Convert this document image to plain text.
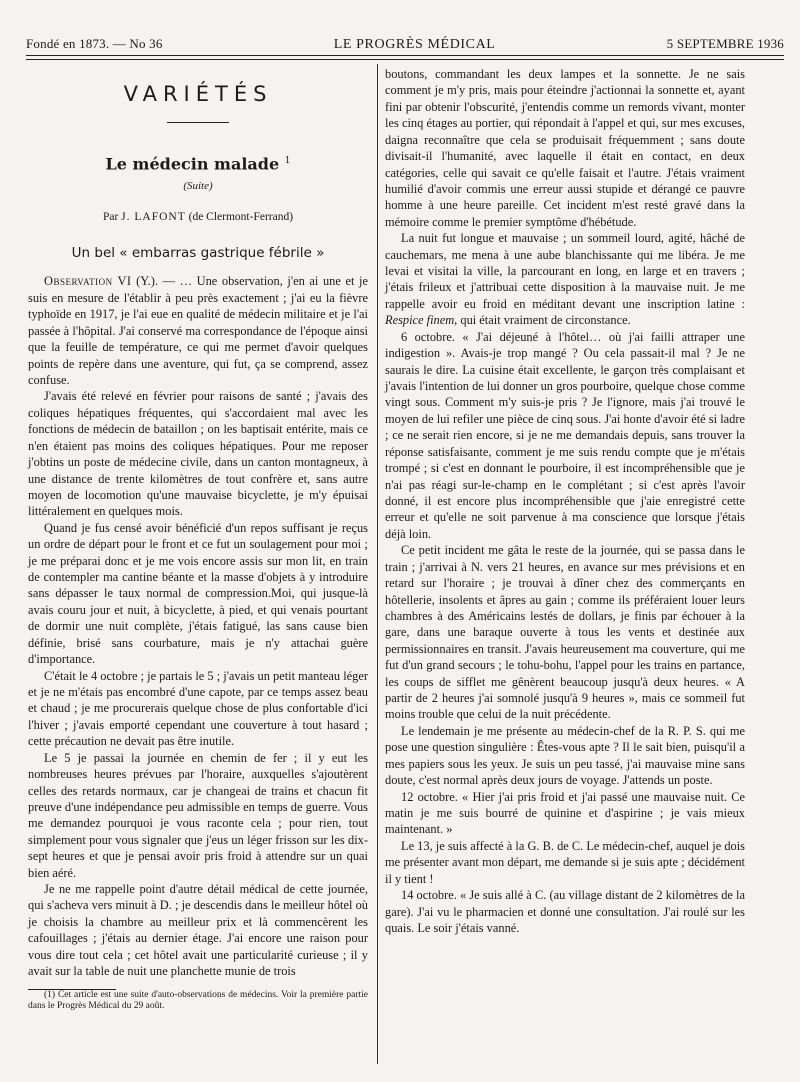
Fondé en 1873. — No 36	LE PROGRÈS MÉDICAL	5 SEPTEMBRE 1936
VARIÉTÉS
Le médecin malade $^1$
(Suite)
Par J. LAFONT (de Clermont-Ferrand)
Un bel « embarras gastrique fébrile »

Observation VI (Y.). — … Une observation, j'en ai une et je suis en mesure de l'établir à peu près exactement ; j'ai eu la fièvre typhoïde en 1917, je l'ai eue en qualité de médecin militaire et je l'ai passée à l'hôpital. J'ai conservé ma correspondance de l'époque ainsi que la feuille de température, ce qui me permet d'avoir quelques points de repère dans une aventure, qui fut, ça se comprend, assez confuse.

J'avais été relevé en février pour raisons de santé ; j'avais des coliques hépatiques fréquentes, qui s'accordaient mal avec les fonctions de médecin de bataillon ; on les baptisait entérite, mais ce n'en étaient pas moins des coliques hépatiques. Pour me reposer j'obtins un poste de médecine civile, dans un canton montagneux, à une distance de trente kilomètres de tout confrère et, sans autre moyen de locomotion qu'une mauvaise bicyclette, je m'y épuisai littéralement en quelques mois.

Quand je fus censé avoir bénéficié d'un repos suffisant je reçus un ordre de départ pour le front et ce fut un soulagement pour moi ; je me préparai donc et je me vois encore assis sur mon lit, en train de contempler ma cantine béante et la masse d'objets à y introduire sans dépasser le taux normal de compression.Moi, qui jusque-là avais couru jour et nuit, à bicyclette, à pied, et qui venais pourtant de dormir une nuit complète, j'étais fatigué, las sans cause bien définie, brisé sans courbature, mais je n'y attachai guère d'importance.

C'était le 4 octobre ; je partais le 5 ; j'avais un petit manteau léger et je ne m'étais pas encombré d'une capote, par ce temps assez beau et chaud ; je me procurerais quelque chose de plus confortable d'ici l'hiver ; j'avais emporté cependant une couverture à tout hasard ; cette précaution ne devait pas être inutile.

Le 5 je passai la journée en chemin de fer ; il y eut les nombreuses heures prévues par l'horaire, auxquelles s'ajoutèrent celles des retards normaux, car je changeai de trains et chacun fit preuve d'une indépendance peu admissible en temps de guerre. Vous me demandez pourquoi je vous raconte cela ; pour rien, tout simplement pour vous signaler que j'eus un léger frisson sur les dix-sept heures et que je pensai avoir pris froid à attendre sur un quai bien aéré.

Je ne me rappelle point d'autre détail médical de cette journée, qui s'acheva vers minuit à D. ; je descendis dans le meilleur hôtel où je choisis la chambre au meilleur prix et là commencèrent les cafouillages ; j'étais au dernier étage. J'ai encore une raison pour vous dire tout cela ; cet hôtel avait une particularité curieuse ; il y avait sur la table de nuit une planchette munie de trois

(1) Cet article est une suite d'auto-observations de médecins. Voir la première partie dans le Progrès Médical du 29 août.

boutons, commandant les deux lampes et la sonnette. Je ne sais comment je m'y pris, mais pour éteindre j'actionnai la sonnette et, ayant fini par obtenir l'obscurité, j'entendis comme un remords vivant, monter les cinq étages au portier, qui répondait à l'appel et qui, sur mes excuses, daigna reconnaître que cela se produisait fréquemment ; sans doute divisait-il l'humanité, avec laquelle il était en contact, en deux catégories, celle qui savait ce qu'elle faisait et l'autre. J'étais vraiment humilié d'avoir commis une erreur aussi stupide et dérangé ce pauvre homme à une heure pareille. Cet incident m'est resté gravé dans la mémoire comme le premier symptôme d'hébétude.

La nuit fut longue et mauvaise ; un sommeil lourd, agité, hâché de cauchemars, me mena à une aube blanchissante qui me libéra. Je me levai et visitai la ville, la parcourant en long, en large et en travers ; j'étais frileux et j'attribuai cette disposition à la mauvaise nuit. Je me rappelle avoir eu froid en méditant devant une inscription latine : Respice finem, qui était vraiment de circonstance.

6 octobre. « J'ai déjeuné à l'hôtel… où j'ai failli attraper une indigestion ». Avais-je trop mangé ? Ou cela passait-il mal ? Je ne saurais le dire. La cuisine était excellente, le garçon très complaisant et j'avais l'intention de lui donner un gros pourboire, quelque chose comme vingt sous. Comment m'y suis-je pris ? Je l'ignore, mais j'ai trouvé le moyen de lui refiler une pièce de cinq sous. J'ai honte d'avoir été si ladre ; ce ne serait rien encore, si je ne me demandais depuis, sans trouver la réponse satisfaisante, comment je me suis rendu compte que je m'étais trompé ; si c'est en donnant le pourboire, il est incompréhensible que je n'ai pas réagi sur-le-champ en le complétant ; si c'est après l'avoir donné, il est encore plus incompréhensible que j'aie enregistré cette erreur et qu'elle ne soit parvenue à ma conscience que lorsque j'étais déjà loin.

Ce petit incident me gâta le reste de la journée, qui se passa dans le train ; j'arrivai à N. vers 21 heures, en avance sur mes prévisions et en retard sur l'horaire ; je trouvai à dîner chez des commerçants en hôtellerie, insolents et âpres au gain ; comme ils préféraient louer leurs chambres à des Américains lestés de dollars, je finis par échouer à la gare, dans une baraque ouverte à tous les vents et destinée aux permissionnaires en transit. J'avais heureusement ma couverture, qui me fut d'un grand secours ; le tohu-bohu, l'appel pour les trains en partance, les coups de sifflet me gênèrent beaucoup jusqu'à deux heures. « A partir de 2 heures j'ai somnolé jusqu'à 9 heures », mais ce sommeil fut moins trouble que celui de la nuit précédente.

Le lendemain je me présente au médecin-chef de la R. P. S. qui me pose une question singulière : Êtes-vous apte ? Il le sait bien, puisqu'il a mes papiers sous les yeux. Je suis un peu tassé, j'ai mauvaise mine sans doute, c'est normal après deux jours de voyage. J'attends un poste.

12 octobre. « Hier j'ai pris froid et j'ai passé une mauvaise nuit. Ce matin je me suis bourré de quinine et d'aspirine ; je vais mieux maintenant. »

Le 13, je suis affecté à la G. B. de C. Le médecin-chef, auquel je dois me présenter avant mon départ, me demande si je suis apte ; décidément il y tient !

14 octobre. « Je suis allé à C. (au village distant de 2 kilomètres de la gare). J'ai vu le pharmacien et donné une consultation. J'ai roulé sur les quais. Le soir j'étais vanné.
